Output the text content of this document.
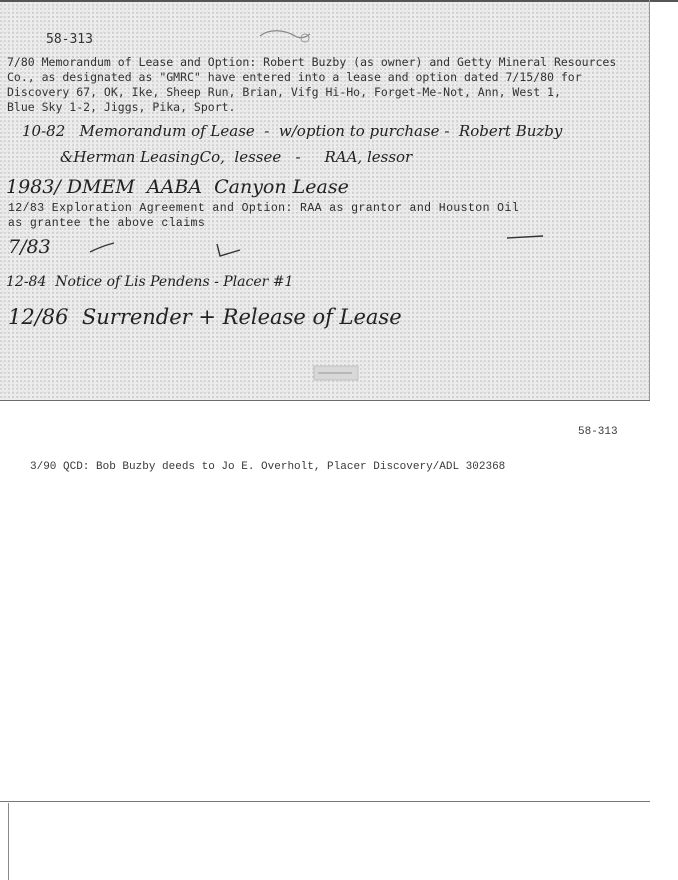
58-313
7/80 Memorandum of Lease and Option: Robert Buzby (as owner) and Getty Mineral Resources
Co., as designated as "GMRC" have entered into a lease and option dated 7/15/80 for
Discovery 67, OK, Ike, Sheep Run, Brian, Vifg Hi-Ho, Forget-Me-Not, Ann, West 1,
Blue Sky 1-2, Jiggs, Pika, Sport.
10-82   Memorandum of Lease  -  w/option to purchase -  Robert Buzby
&Herman LeasingCo,  lessee   -     RAA, lessor
1983/ DMEM  AABA  Canyon Lease
12/83 Exploration Agreement and Option: RAA as grantor and Houston Oil
as grantee the above claims
7/83
12-84  Notice of Lis Pendens - Placer #1
12/86  Surrender + Release of Lease
58-313
3/90 QCD: Bob Buzby deeds to Jo E. Overholt, Placer Discovery/ADL 302368
